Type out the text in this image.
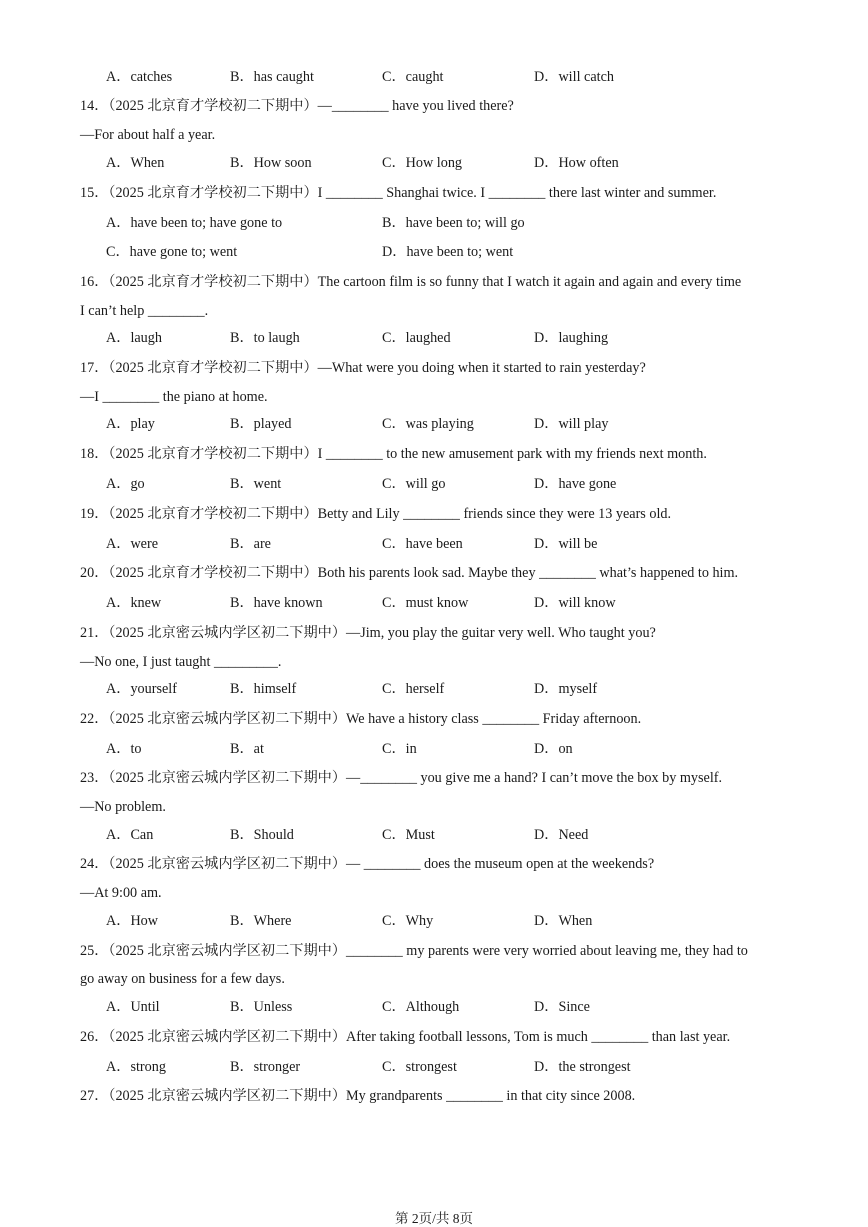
A．catches	B．has caught	C．caught	D．will catch
14．（2025 北京育才学校初二下期中）—________ have you lived there?
—For about half a year.
A．When	B．How soon	C．How long	D．How often
15．（2025 北京育才学校初二下期中）I ________ Shanghai twice. I ________ there last winter and summer.
A．have been to; have gone to	B．have been to; will go
C．have gone to; went	D．have been to; went
16．（2025 北京育才学校初二下期中）The cartoon film is so funny that I watch it again and again and every time
I can’t help ________.
A．laugh	B．to laugh	C．laughed	D．laughing
17．（2025 北京育才学校初二下期中）—What were you doing when it started to rain yesterday?
—I ________ the piano at home.
A．play	B．played	C．was playing	D．will play
18．（2025 北京育才学校初二下期中）I ________ to the new amusement park with my friends next month.
A．go	B．went	C．will go	D．have gone
19．（2025 北京育才学校初二下期中）Betty and Lily ________ friends since they were 13 years old.
A．were	B．are	C．have been	D．will be
20．（2025 北京育才学校初二下期中）Both his parents look sad. Maybe they ________ what’s happened to him.
A．knew	B．have known	C．must know	D．will know
21．（2025 北京密云城内学区初二下期中）—Jim, you play the guitar very well. Who taught you?
—No one, I just taught _________.
A．yourself	B．himself	C．herself	D．myself
22．（2025 北京密云城内学区初二下期中）We have a history class ________ Friday afternoon.
A．to	B．at	C．in	D．on
23．（2025 北京密云城内学区初二下期中）—________ you give me a hand? I can’t move the box by myself.
—No problem.
A．Can	B．Should	C．Must	D．Need
24．（2025 北京密云城内学区初二下期中）— ________ does the museum open at the weekends?
—At 9:00 am.
A．How	B．Where	C．Why	D．When
25．（2025 北京密云城内学区初二下期中）________ my parents were very worried about leaving me, they had to
go away on business for a few days.
A．Until	B．Unless	C．Although	D．Since
26．（2025 北京密云城内学区初二下期中）After taking football lessons, Tom is much ________ than last year.
A．strong	B．stronger	C．strongest	D．the strongest
27．（2025 北京密云城内学区初二下期中）My grandparents ________ in that city since 2008.
第 2页/共 8页
